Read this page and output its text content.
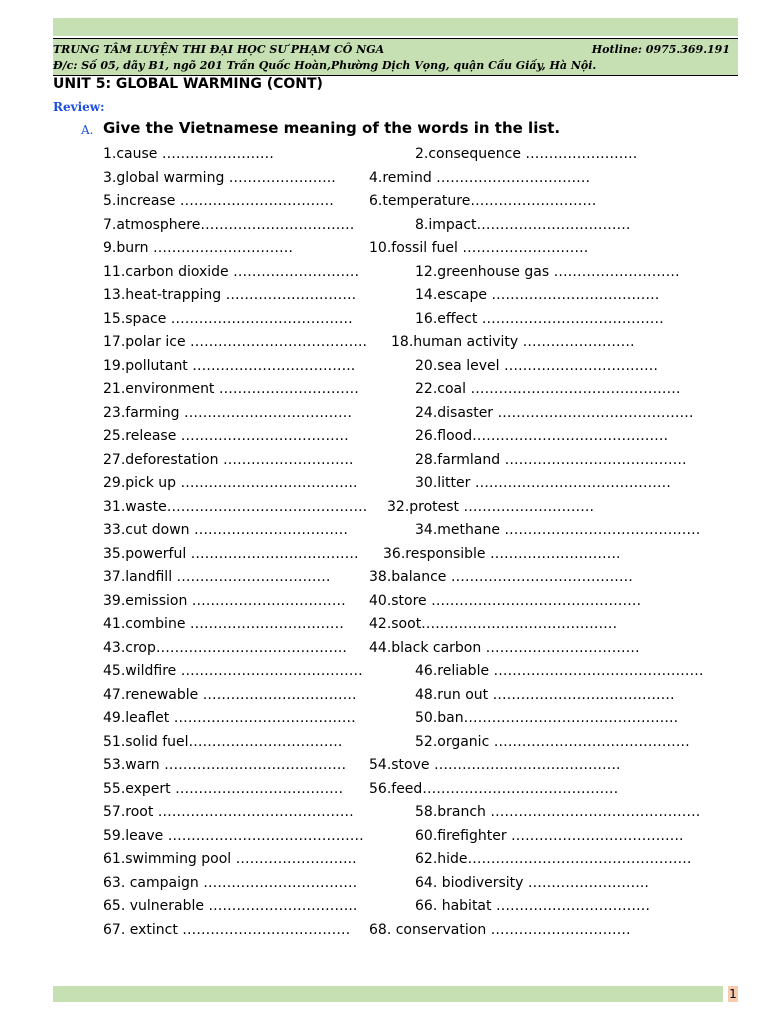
TRUNG TÂM LUYỆN THI ĐẠI HỌC SƯ PHẠM CÔ NGA	Hotline: 0975.369.191
Đ/c: Số 05, dãy B1, ngõ 201 Trần Quốc Hoàn,Phường Dịch Vọng, quận Cầu Giấy, Hà Nội.
UNIT 5: GLOBAL WARMING (CONT)
Review:
A. Give the Vietnamese meaning of the words in the list.
1.cause ……………………	2.consequence ……………………
3.global warming ………………….. 4.remind ……………………………
5.increase ……………………………	6.temperature………………………
7.atmosphere……………………………	8.impact……………………………
9.burn …………………………	10.fossil fuel ………………………
11.carbon dioxide ………………………	12.greenhouse gas ………………………
13.heat-trapping ……………………….	14.escape ………………………………
15.space …………………………………	16.effect …………………………………
17.polar ice ……………………………….. 18.human activity ……………………
19.pollutant ……………………………..	20.sea level ……………………………
21.environment …………………………	22.coal ………………………………………
23.farming ………………………………	24.disaster ……………………………………
25.release ………………………………	26.flood……………………………………
27.deforestation ……………………….	28.farmland …………………………………
29.pick up ………………………………..	30.litter ……………………………………
31.waste……………………………………. 32.protest ……………………….
33.cut down ……………………………	34.methane ……………………………………
35.powerful ……………………………… 36.responsible ……………………….
37.landfill ……………………………	38.balance …………………………………
39.emission …………………………… 40.store ………………………………………
41.combine …………………………… 42.soot……………………………………
43.crop………………………………….. 44.black carbon ……………………………
45.wildfire …………………………………	46.reliable ………………………………………
47.renewable ……………………………	48.run out …………………………………
49.leaflet …………………………………	50.ban……………………………………….
51.solid fuel……………………………	52.organic ……………………………………
53.warn ………………………………… 54.stove ………………………………….
55.expert ……………………………… 56.feed……………………………………
57.root ……………………………………	58.branch ………………………………………
59.leave ……………………………………	60.firefighter ……………………………….
61.swimming pool ……………………..	62.hide…………………………………………
63. campaign ……………………………	64. biodiversity ……………………..
65. vulnerable …………………………..	66. habitat ……………………………
67. extinct ……………………………… 68. conservation …………………………
1
